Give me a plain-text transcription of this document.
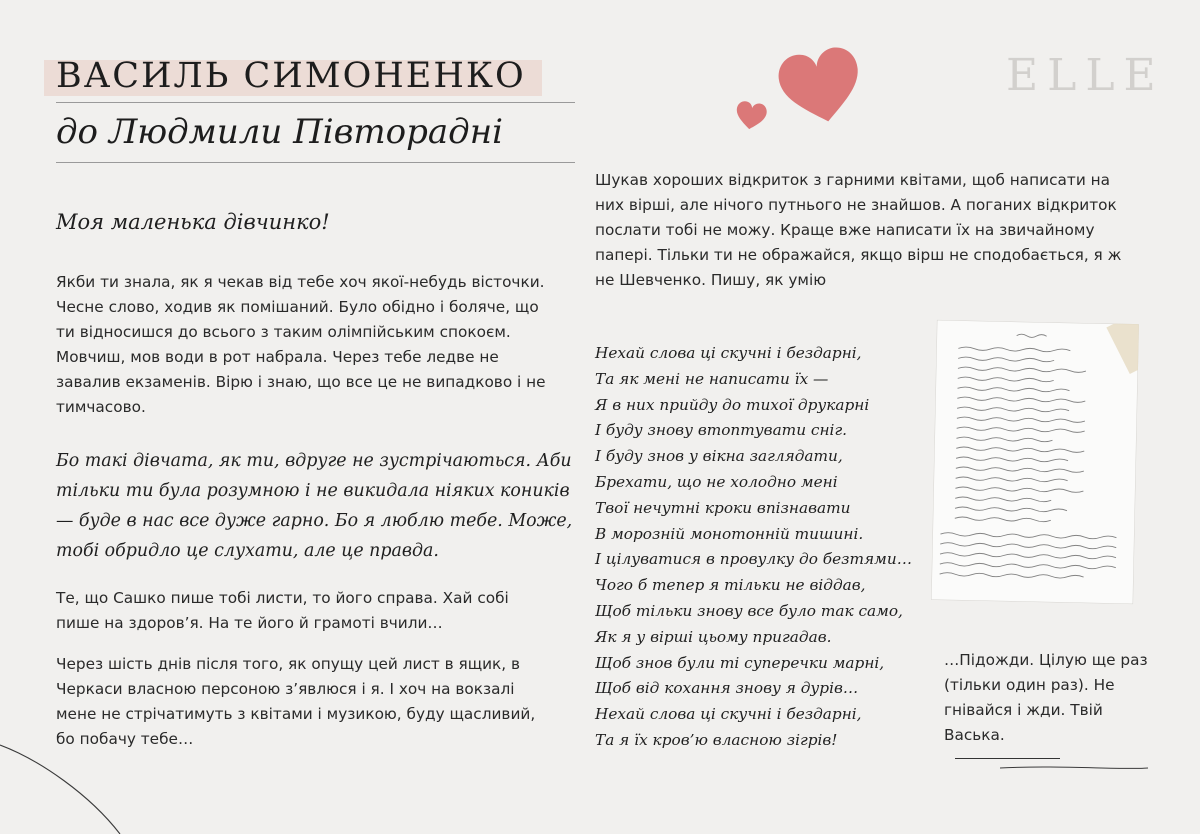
ВАСИЛЬ СИМОНЕНКО
до Людмили Півторадні
ELLE

Моя маленька дівчинко!

Якби ти знала, як я чекав від тебе хоч якої-небудь вісточки. Чесне слово, ходив як помішаний. Було обідно і боляче, що ти відносишся до всього з таким олімпійським спокоєм. Мовчиш, мов води в рот набрала. Через тебе ледве не завалив екзаменів. Вірю і знаю, що все це не випадково і не тимчасово.

Бо такі дівчата, як ти, вдруге не зустрічаються. Аби тільки ти була розумною і не викидала ніяких коників — буде в нас все дуже гарно. Бо я люблю тебе. Може, тобі обридло це слухати, але це правда.

Те, що Сашко пише тобі листи, то його справа. Хай собі пише на здоров’я. На те його й грамоті вчили…

Через шість днів після того, як опущу цей лист в ящик, в Черкаси власною персоною з’явлюся і я. І хоч на вокзалі мене не стрічатимуть з квітами і музикою, буду щасливий, бо побачу тебе…

Шукав хороших відкриток з гарними квітами, щоб написати на них вірші, але нічого путнього не знайшов. А поганих відкриток послати тобі не можу. Краще вже написати їх на звичайному папері. Тільки ти не ображайся, якщо вірш не сподобається, я ж не Шевченко. Пишу, як умію

Нехай слова ці скучні і бездарні,
Та як мені не написати їх —
Я в них прийду до тихої друкарні
І буду знову втоптувати сніг.
І буду знов у вікна заглядати,
Брехати, що не холодно мені
Твої нечутні кроки впізнавати
В морозній монотонній тишині.
І цілуватися в провулку до безтями…
Чого б тепер я тільки не віддав,
Щоб тільки знову все було так само,
Як я у вірші цьому пригадав.
Щоб знов були ті суперечки марні,
Щоб від кохання знову я дурів…
Нехай слова ці скучні і бездарні,
Та я їх кров’ю власною зігрів!

…Підожди. Цілую ще раз (тільки один раз). Не гнівайся і жди. Твій Васька.
